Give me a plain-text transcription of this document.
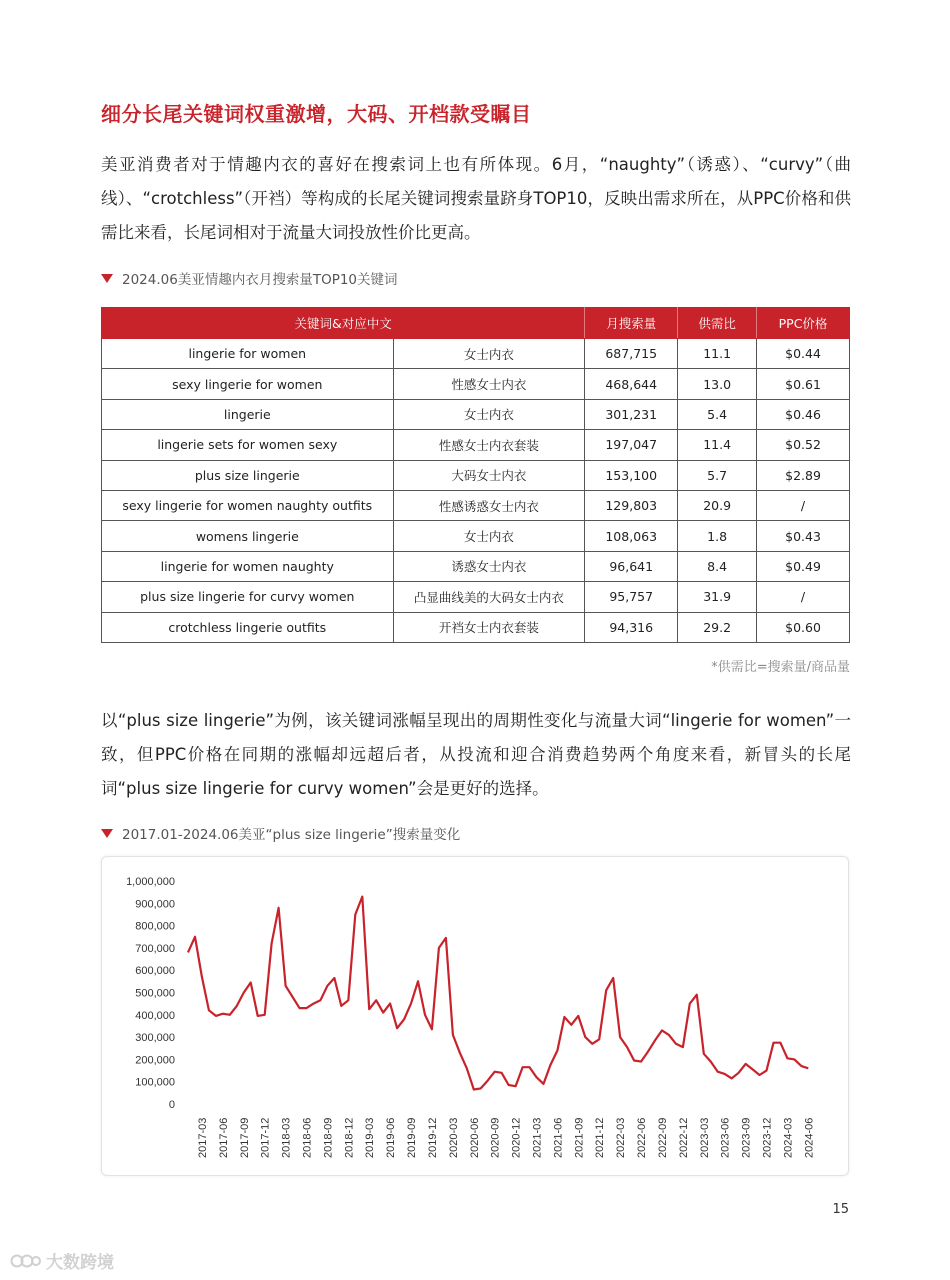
细分长尾关键词权重激增，大码、开档款受瞩目

美亚消费者对于情趣内衣的喜好在搜索词上也有所体现。6月，“naughty”（诱惑）、“curvy”（曲线）、“crotchless”（开裆）等构成的长尾关键词搜索量跻身TOP10，反映出需求所在，从PPC价格和供需比来看，长尾词相对于流量大词投放性价比更高。

2024.06美亚情趣内衣月搜索量TOP10关键词
关键词&对应中文		月搜索量	供需比	PPC价格
lingerie for women	女士内衣	687,715	11.1	$0.44
sexy lingerie for women	性感女士内衣	468,644	13.0	$0.61
lingerie	女士内衣	301,231	5.4	$0.46
lingerie sets for women sexy	性感女士内衣套装	197,047	11.4	$0.52
plus size lingerie	大码女士内衣	153,100	5.7	$2.89
sexy lingerie for women naughty outfits	性感诱惑女士内衣	129,803	20.9	/
womens lingerie	女士内衣	108,063	1.8	$0.43
lingerie for women naughty	诱惑女士内衣	96,641	8.4	$0.49
plus size lingerie for curvy women	凸显曲线美的大码女士内衣	95,757	31.9	/
crotchless lingerie outfits	开裆女士内衣套装	94,316	29.2	$0.60
*供需比=搜索量/商品量

以“plus size lingerie”为例，该关键词涨幅呈现出的周期性变化与流量大词“lingerie for women”一致，但PPC价格在同期的涨幅却远超后者，从投流和迎合消费趋势两个角度来看，新冒头的长尾词“plus size lingerie for curvy women”会是更好的选择。

2017.01-2024.06美亚“plus size lingerie”搜索量变化
1,000,000
900,000
800,000
700,000
600,000
500,000
400,000
300,000
200,000
100,000
0
2017-03 2017-06 2017-09 2017-12 2018-03 2018-06 2018-09 2018-12 2019-03 2019-06 2019-09 2019-12 2020-03 2020-06 2020-09 2020-12 2021-03 2021-06 2021-09 2021-12 2022-03 2022-06 2022-09 2022-12 2023-03 2023-06 2023-09 2023-12 2024-03 2024-06
15
大数跨境
